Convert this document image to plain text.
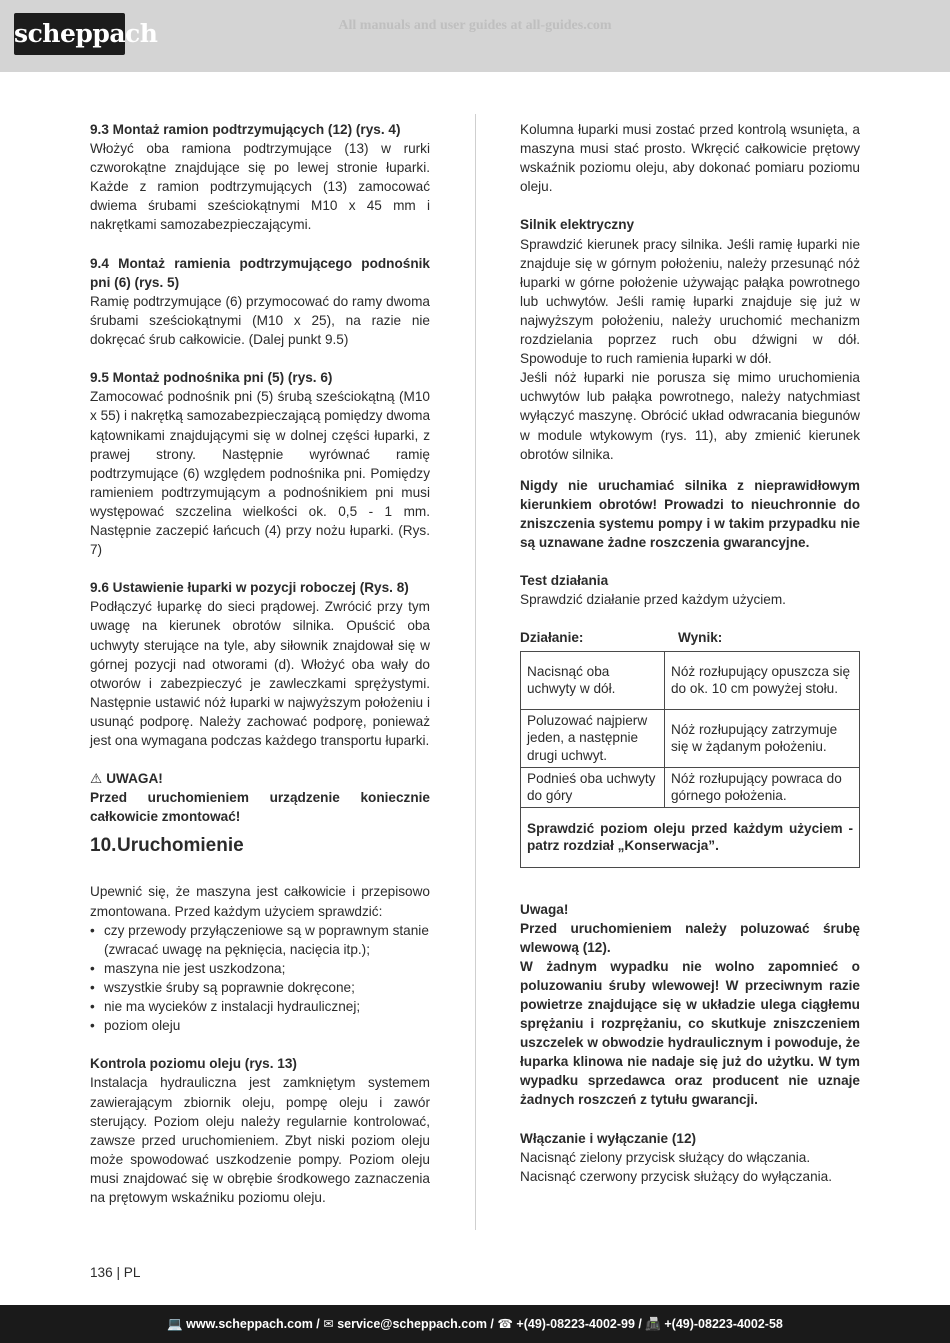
scheppach	All manuals and user guides at all-guides.com

9.3 Montaż ramion podtrzymujących (12) (rys. 4)

Włożyć oba ramiona podtrzymujące (13) w rurki czworokątne znajdujące się po lewej stronie łuparki. Każde z ramion podtrzymujących (13) zamocować dwiema śrubami sześciokątnymi M10 x 45 mm i nakrętkami samozabezpieczającymi.

9.4 Montaż ramienia podtrzymującego podnośnik pni (6) (rys. 5)

Ramię podtrzymujące (6) przymocować do ramy dwoma śrubami sześciokątnymi (M10 x 25), na razie nie dokręcać śrub całkowicie. (Dalej punkt 9.5)

9.5 Montaż podnośnika pni (5) (rys. 6)

Zamocować podnośnik pni (5) śrubą sześciokątną (M10 x 55) i nakrętką samozabezpieczającą pomiędzy dwoma kątownikami znajdującymi się w dolnej części łuparki, z prawej strony. Następnie wyrównać ramię podtrzymujące (6) względem podnośnika pni. Pomiędzy ramieniem podtrzymującym a podnośnikiem pni musi występować szczelina wielkości ok. 0,5 - 1 mm. Następnie zaczepić łańcuch (4) przy nożu łuparki. (Rys. 7)

9.6 Ustawienie łuparki w pozycji roboczej (Rys. 8)

Podłączyć łuparkę do sieci prądowej. Zwrócić przy tym uwagę na kierunek obrotów silnika. Opuścić oba uchwyty sterujące na tyle, aby siłownik znajdował się w górnej pozycji nad otworami (d). Włożyć oba wały do otworów i zabezpieczyć je zawleczkami sprężystymi. Następnie ustawić nóż łuparki w najwyższym położeniu i usunąć podporę. Należy zachować podporę, ponieważ jest ona wymagana podczas każdego transportu łuparki.

⚠ UWAGA!

Przed uruchomieniem urządzenie koniecznie całkowicie zmontować!

10.Uruchomienie

Upewnić się, że maszyna jest całkowicie i przepisowo zmontowana. Przed każdym użyciem sprawdzić:

• czy przewody przyłączeniowe są w poprawnym stanie (zwracać uwagę na pęknięcia, nacięcia itp.);
• maszyna nie jest uszkodzona;
• wszystkie śruby są poprawnie dokręcone;
• nie ma wycieków z instalacji hydraulicznej;
• poziom oleju

Kontrola poziomu oleju (rys. 13)

Instalacja hydrauliczna jest zamkniętym systemem zawierającym zbiornik oleju, pompę oleju i zawór sterujący. Poziom oleju należy regularnie kontrolować, zawsze przed uruchomieniem. Zbyt niski poziom oleju może spowodować uszkodzenie pompy. Poziom oleju musi znajdować się w obrębie środkowego zaznaczenia na prętowym wskaźniku poziomu oleju.

Kolumna łuparki musi zostać przed kontrolą wsunięta, a maszyna musi stać prosto. Wkręcić całkowicie prętowy wskaźnik poziomu oleju, aby dokonać pomiaru poziomu oleju.

Silnik elektryczny

Sprawdzić kierunek pracy silnika. Jeśli ramię łuparki nie znajduje się w górnym położeniu, należy przesunąć nóż łuparki w górne położenie używając pałąka powrotnego lub uchwytów. Jeśli ramię łuparki znajduje się już w najwyższym położeniu, należy uruchomić mechanizm rozdzielania poprzez ruch obu dźwigni w dół. Spowoduje to ruch ramienia łuparki w dół.

Jeśli nóż łuparki nie porusza się mimo uruchomienia uchwytów lub pałąka powrotnego, należy natychmiast wyłączyć maszynę. Obrócić układ odwracania biegunów w module wtykowym (rys. 11), aby zmienić kierunek obrotów silnika.

Nigdy nie uruchamiać silnika z nieprawidłowym kierunkiem obrotów! Prowadzi to nieuchronnie do zniszczenia systemu pompy i w takim przypadku nie są uznawane żadne roszczenia gwarancyjne.

Test działania

Sprawdzić działanie przed każdym użyciem.

Działanie:	Wynik:
Nacisnąć oba uchwyty w dół.	Nóż rozłupujący opuszcza się do ok. 10 cm powyżej stołu.
Poluzować najpierw jeden, a następnie drugi uchwyt.	Nóż rozłupujący zatrzymuje się w żądanym położeniu.
Podnieś oba uchwyty do góry	Nóż rozłupujący powraca do górnego położenia.
Sprawdzić poziom oleju przed każdym użyciem - patrz rozdział „Konserwacja”.	

Uwaga!

Przed uruchomieniem należy poluzować śrubę wlewową (12).

W żadnym wypadku nie wolno zapomnieć o poluzowaniu śruby wlewowej! W przeciwnym razie powietrze znajdujące się w układzie ulega ciągłemu sprężaniu i rozprężaniu, co skutkuje zniszczeniem uszczelek w obwodzie hydraulicznym i powoduje, że łuparka klinowa nie nadaje się już do użytku. W tym wypadku sprzedawca oraz producent nie uznaje żadnych roszczeń z tytułu gwarancji.

Włączanie i wyłączanie (12)

Nacisnąć zielony przycisk służący do włączania.

Nacisnąć czerwony przycisk służący do wyłączania.

136 | PL
💻 www.scheppach.com / ✉ service@scheppach.com / ☎ +(49)-08223-4002-99 / 📠 +(49)-08223-4002-58
